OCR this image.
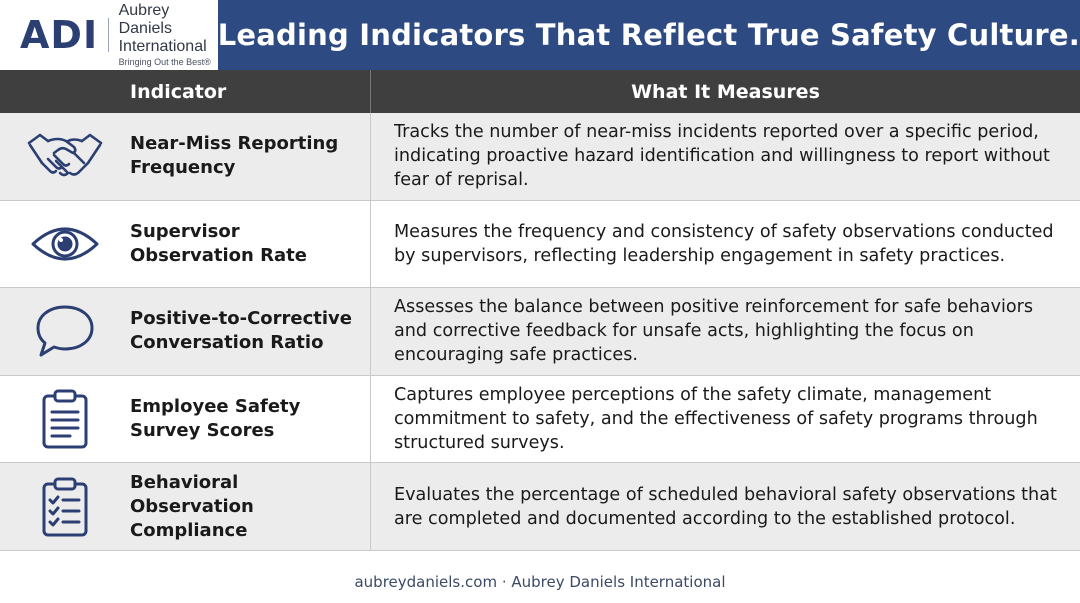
ADI
Aubrey Daniels International
Bringing Out the Best®
Leading Indicators That Reflect True Safety Culture.
Indicator	What It Measures
Near-Miss Reporting
Frequency

Tracks the number of near-miss incidents reported over a specific period, indicating proactive hazard identification and willingness to report without fear of reprisal.

Supervisor
Observation Rate

Measures the frequency and consistency of safety observations conducted by supervisors, reflecting leadership engagement in safety practices.

Positive-to-Corrective
Conversation Ratio

Assesses the balance between positive reinforcement for safe behaviors and corrective feedback for unsafe acts, highlighting the focus on encouraging safe practices.

Employee Safety
Survey Scores

Captures employee perceptions of the safety climate, management commitment to safety, and the effectiveness of safety programs through structured surveys.

Behavioral Observation
Compliance

Evaluates the percentage of scheduled behavioral safety observations that are completed and documented according to the established protocol.

aubreydaniels.com · Aubrey Daniels International
